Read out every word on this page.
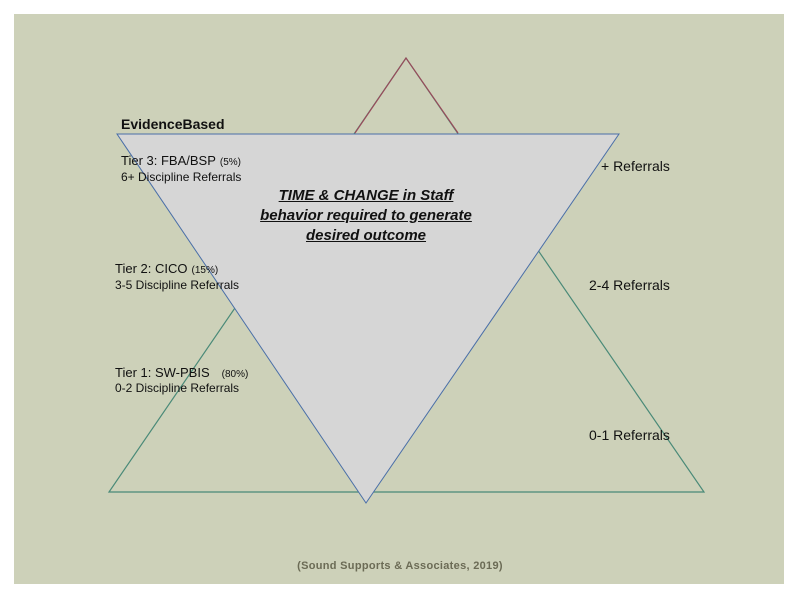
EvidenceBased
Tier 3: FBA/BSP (5%)
6+ Discipline Referrals
Tier 2: CICO (15%)
3-5 Discipline Referrals
Tier 1: SW-PBIS (80%)
0-2 Discipline Referrals
+ Referrals
2-4 Referrals
0-1 Referrals
TIME & CHANGE in Staff
behavior required to generate
desired outcome
(Sound Supports & Associates, 2019)
